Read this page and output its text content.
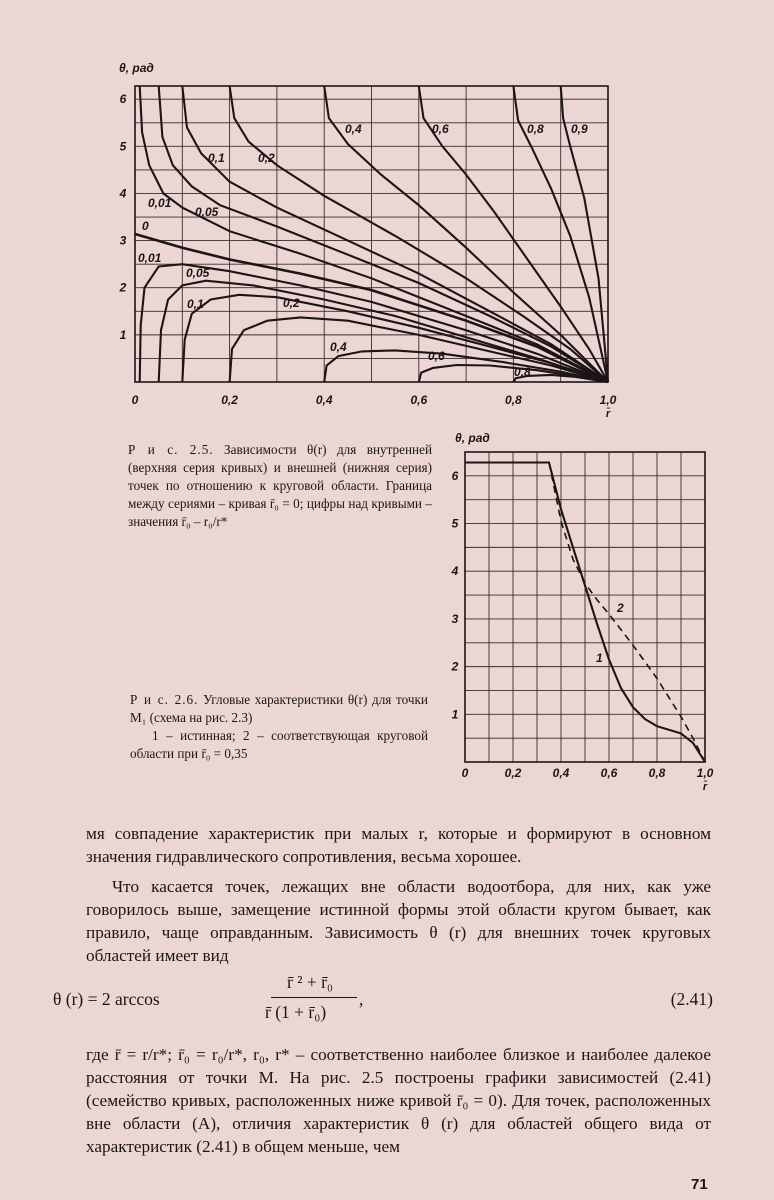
0	0,2	0,4	0,6	0,8	1,0
1
2
3
4
5
6
θ, рад
r̄
0,01
0,05
0,1	0,2
0,4	0,6	0,8 0,9
0,01
0,05
0,1	0,2
0,4
0,6
0,8
0
0	0,2	0,4	0,6	0,8	1,0
1
2
3
4
5
6
θ, рад
r̄
1
2
Р и с. 2.5. Зависимости θ(r) для внутренней (верхняя серия кривых) и внешней (нижняя серия) точек по отношению к круговой области. Граница между сериями – кривая r̄₀ = 0; цифры над кривыми – значения r̄₀ – r₀/r*
Р и с. 2.6. Угловые характеристики θ(r) для точки M₁ (схема на рис. 2.3)
1 – истинная; 2 – соответствующая круговой области при r̄₀ = 0,35
мя совпадение характеристик при малых r, которые и формируют в основном значения гидравлического сопротивления, весьма хорошее.
Что касается точек, лежащих вне области водоотбора, для них, как уже говорилось выше, замещение истинной формы этой области кругом бывает, как правило, чаще оправданным. Зависимость θ (r) для внешних точек круговых областей имеет вид
θ (r) = 2 arccos
r̄ ² + r̄₀
r̄ (1 + r̄₀)
,	(2.41)
где r̄ = r/r*; r̄₀ = r₀/r*, r₀, r* – соответственно наиболее близкое и наиболее далекое расстояния от точки M. На рис. 2.5 построены графики зависимостей (2.41) (семейство кривых, расположенных ниже кривой r̄₀ = 0). Для точек, расположенных вне области (A), отличия характеристик θ (r) для областей общего вида от характеристик (2.41) в общем меньше, чем
71
